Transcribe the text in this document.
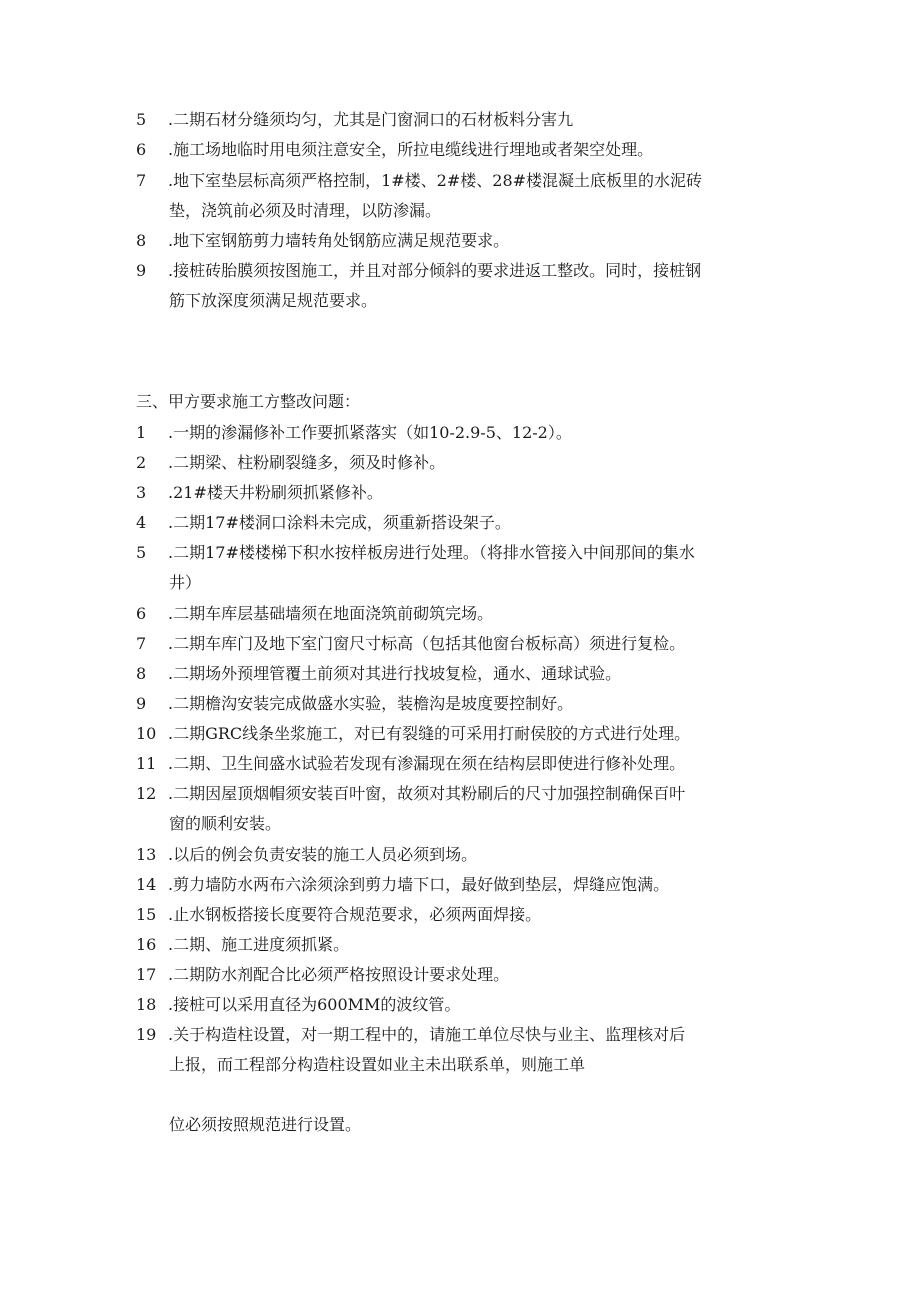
5 .二期石材分缝须均匀，尤其是门窗洞口的石材板料分害九
6 .施工场地临时用电须注意安全，所拉电缆线进行埋地或者架空处理。
7 .地下室垫层标高须严格控制，1#楼、2#楼、28#楼混凝土底板里的水泥砖
垫，浇筑前必须及时清理，以防渗漏。
8 .地下室钢筋剪力墙转角处钢筋应满足规范要求。
9 .接桩砖胎膜须按图施工，并且对部分倾斜的要求进返工整改。同时，接桩钢
筋下放深度须满足规范要求。
三、甲方要求施工方整改问题：
1 .一期的渗漏修补工作要抓紧落实（如10-2.9-5、12-2）。
2 .二期梁、柱粉刷裂缝多，须及时修补。
3 .21#楼天井粉刷须抓紧修补。
4 .二期17#楼洞口涂料未完成，须重新搭设架子。
5 .二期17#楼楼梯下积水按样板房进行处理。（将排水管接入中间那间的集水
井）
6 .二期车库层基础墙须在地面浇筑前砌筑完场。
7 .二期车库门及地下室门窗尺寸标高（包括其他窗台板标高）须进行复检。
8 .二期场外预埋管覆土前须对其进行找坡复检，通水、通球试验。
9 .二期檐沟安装完成做盛水实验，装檐沟是坡度要控制好。
10 .二期GRC线条坐浆施工，对已有裂缝的可采用打耐侯胶的方式进行处理。
11 .二期、卫生间盛水试验若发现有渗漏现在须在结构层即使进行修补处理。
12 .二期因屋顶烟帽须安装百叶窗，故须对其粉刷后的尺寸加强控制确保百叶
窗的顺利安装。
13 .以后的例会负责安装的施工人员必须到场。
14 .剪力墙防水两布六涂须涂到剪力墙下口，最好做到垫层，焊缝应饱满。
15 .止水钢板搭接长度要符合规范要求，必须两面焊接。
16 .二期、施工进度须抓紧。
17 .二期防水剂配合比必须严格按照设计要求处理。
18 .接桩可以采用直径为600MM的波纹管。
19 .关于构造柱设置，对一期工程中的，请施工单位尽快与业主、监理核对后
上报，而工程部分构造柱设置如业主未出联系单，则施工单
位必须按照规范进行设置。
